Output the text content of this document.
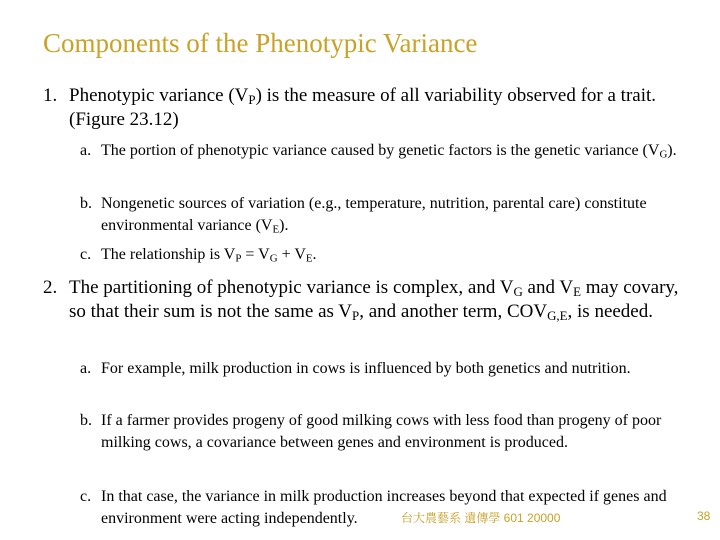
Components of the Phenotypic Variance
1. Phenotypic variance $(V_P)$ is the measure of all variability observed for a trait.(Figure 23.12)
a. The portion of phenotypic variance caused by genetic factors is the genetic variance $(V_G)$.
b. Nongenetic sources of variation (e.g., temperature, nutrition, parental care) constitute environmental variance $(V_E)$.
c. The relationship is $V_P = V_G + V_E$.
2. The partitioning of phenotypic variance is complex, and $V_G$ and $V_E$ may covary, so that their sum is not the same as $V_P$, and another term, $COV_{G,E}$, is needed.
a. For example, milk production in cows is influenced by both genetics and nutrition.
b. If a farmer provides progeny of good milking cows with less food than progeny of poor milking cows, a covariance between genes and environment is produced.
c. In that case, the variance in milk production increases beyond that expected if genes and environment were acting independently.	台大農藝系 遺傳學 601 20000	38
